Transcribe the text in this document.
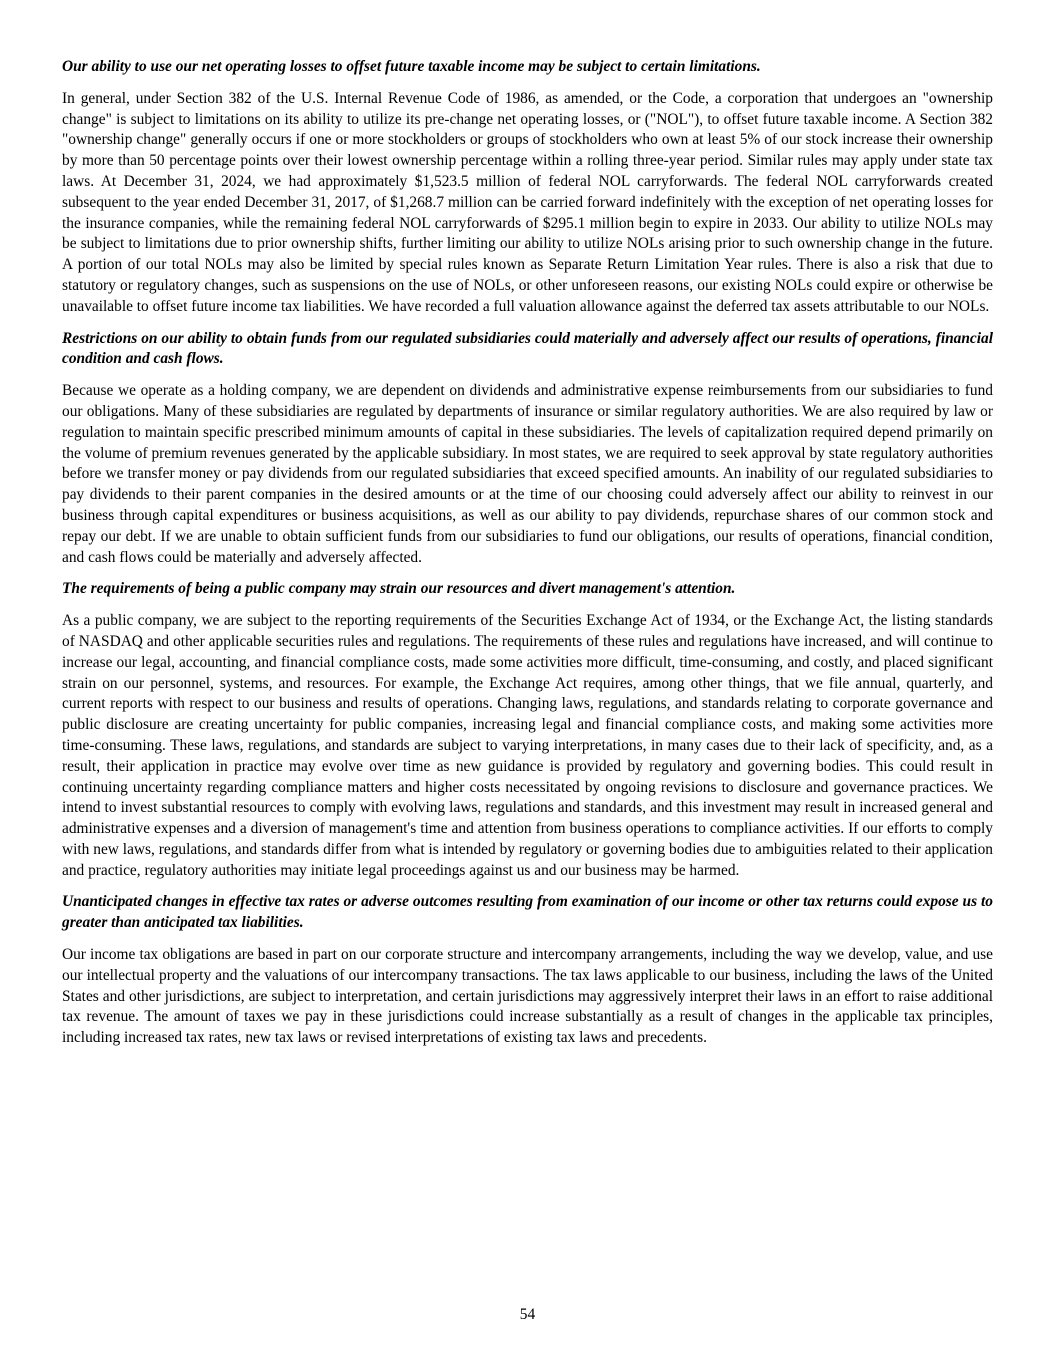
Our ability to use our net operating losses to offset future taxable income may be subject to certain limitations.

In general, under Section 382 of the U.S. Internal Revenue Code of 1986, as amended, or the Code, a corporation that undergoes an "ownership change" is subject to limitations on its ability to utilize its pre-change net operating losses, or ("NOL"), to offset future taxable income. A Section 382 "ownership change" generally occurs if one or more stockholders or groups of stockholders who own at least 5% of our stock increase their ownership by more than 50 percentage points over their lowest ownership percentage within a rolling three-year period. Similar rules may apply under state tax laws. At December 31, 2024, we had approximately $1,523.5 million of federal NOL carryforwards. The federal NOL carryforwards created subsequent to the year ended December 31, 2017, of $1,268.7 million can be carried forward indefinitely with the exception of net operating losses for the insurance companies, while the remaining federal NOL carryforwards of $295.1 million begin to expire in 2033. Our ability to utilize NOLs may be subject to limitations due to prior ownership shifts, further limiting our ability to utilize NOLs arising prior to such ownership change in the future. A portion of our total NOLs may also be limited by special rules known as Separate Return Limitation Year rules. There is also a risk that due to statutory or regulatory changes, such as suspensions on the use of NOLs, or other unforeseen reasons, our existing NOLs could expire or otherwise be unavailable to offset future income tax liabilities. We have recorded a full valuation allowance against the deferred tax assets attributable to our NOLs.

Restrictions on our ability to obtain funds from our regulated subsidiaries could materially and adversely affect our results of operations, financial condition and cash flows.

Because we operate as a holding company, we are dependent on dividends and administrative expense reimbursements from our subsidiaries to fund our obligations. Many of these subsidiaries are regulated by departments of insurance or similar regulatory authorities. We are also required by law or regulation to maintain specific prescribed minimum amounts of capital in these subsidiaries. The levels of capitalization required depend primarily on the volume of premium revenues generated by the applicable subsidiary. In most states, we are required to seek approval by state regulatory authorities before we transfer money or pay dividends from our regulated subsidiaries that exceed specified amounts. An inability of our regulated subsidiaries to pay dividends to their parent companies in the desired amounts or at the time of our choosing could adversely affect our ability to reinvest in our business through capital expenditures or business acquisitions, as well as our ability to pay dividends, repurchase shares of our common stock and repay our debt. If we are unable to obtain sufficient funds from our subsidiaries to fund our obligations, our results of operations, financial condition, and cash flows could be materially and adversely affected.

The requirements of being a public company may strain our resources and divert management's attention.

As a public company, we are subject to the reporting requirements of the Securities Exchange Act of 1934, or the Exchange Act, the listing standards of NASDAQ and other applicable securities rules and regulations. The requirements of these rules and regulations have increased, and will continue to increase our legal, accounting, and financial compliance costs, made some activities more difficult, time-consuming, and costly, and placed significant strain on our personnel, systems, and resources. For example, the Exchange Act requires, among other things, that we file annual, quarterly, and current reports with respect to our business and results of operations. Changing laws, regulations, and standards relating to corporate governance and public disclosure are creating uncertainty for public companies, increasing legal and financial compliance costs, and making some activities more time-consuming. These laws, regulations, and standards are subject to varying interpretations, in many cases due to their lack of specificity, and, as a result, their application in practice may evolve over time as new guidance is provided by regulatory and governing bodies. This could result in continuing uncertainty regarding compliance matters and higher costs necessitated by ongoing revisions to disclosure and governance practices. We intend to invest substantial resources to comply with evolving laws, regulations and standards, and this investment may result in increased general and administrative expenses and a diversion of management's time and attention from business operations to compliance activities. If our efforts to comply with new laws, regulations, and standards differ from what is intended by regulatory or governing bodies due to ambiguities related to their application and practice, regulatory authorities may initiate legal proceedings against us and our business may be harmed.

Unanticipated changes in effective tax rates or adverse outcomes resulting from examination of our income or other tax returns could expose us to greater than anticipated tax liabilities.

Our income tax obligations are based in part on our corporate structure and intercompany arrangements, including the way we develop, value, and use our intellectual property and the valuations of our intercompany transactions. The tax laws applicable to our business, including the laws of the United States and other jurisdictions, are subject to interpretation, and certain jurisdictions may aggressively interpret their laws in an effort to raise additional tax revenue. The amount of taxes we pay in these jurisdictions could increase substantially as a result of changes in the applicable tax principles, including increased tax rates, new tax laws or revised interpretations of existing tax laws and precedents.

54
